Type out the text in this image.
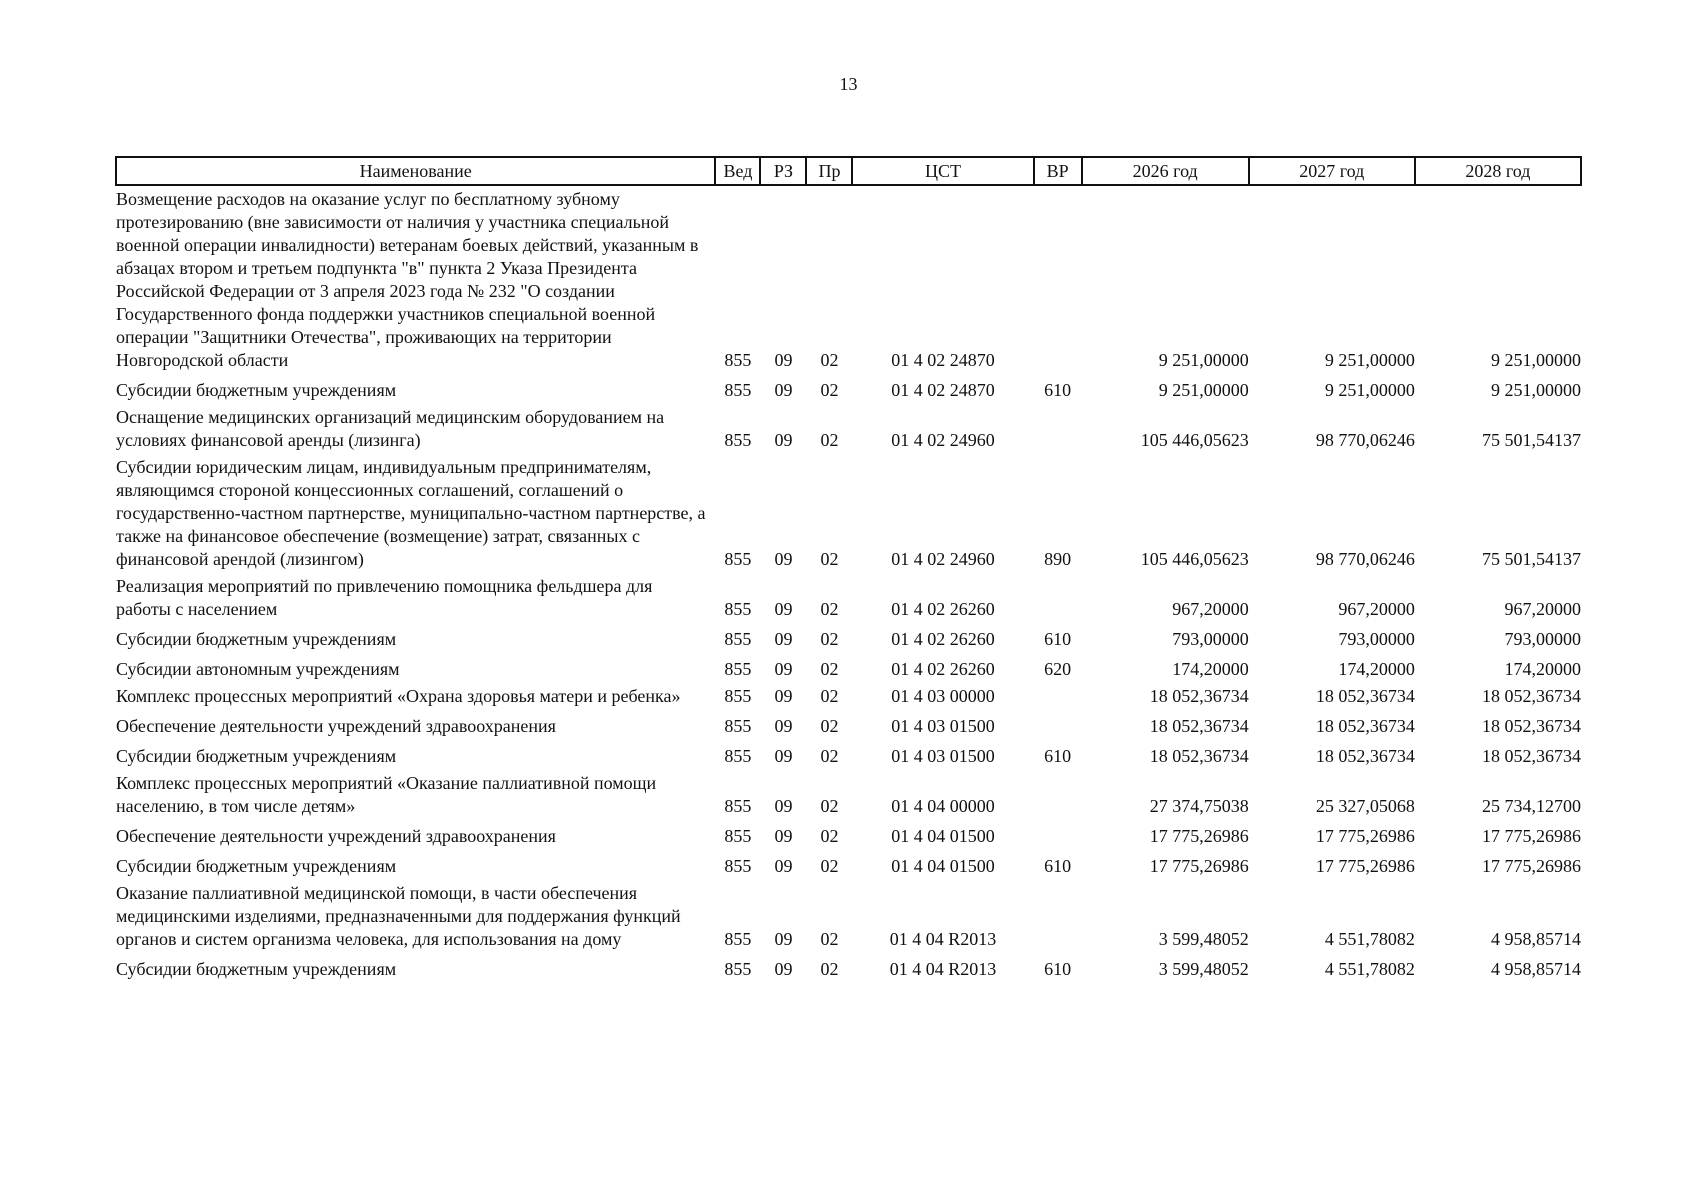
13
Наименование	Вед	РЗ	Пр	ЦСТ	ВР	2026 год	2027 год	2028 год
Возмещение расходов на оказание услуг по бесплатному зубному протезированию (вне зависимости от наличия у участника специальной военной операции инвалидности) ветеранам боевых действий, указанным в абзацах втором и третьем подпункта "в" пункта 2 Указа Президента Российской Федерации от 3 апреля 2023 года № 232 "О создании Государственного фонда поддержки участников специальной военной операции "Защитники Отечества", проживающих на территории Новгородской области	855	09	02	01 4 02 24870		9 251,00000	9 251,00000	9 251,00000
Субсидии бюджетным учреждениям	855	09	02	01 4 02 24870	610	9 251,00000	9 251,00000	9 251,00000
Оснащение медицинских организаций медицинским оборудованием на условиях финансовой аренды (лизинга)	855	09	02	01 4 02 24960		105 446,05623	98 770,06246	75 501,54137
Субсидии юридическим лицам, индивидуальным предпринимателям, являющимся стороной концессионных соглашений, соглашений о государственно-частном партнерстве, муниципально-частном партнерстве, а также на финансовое обеспечение (возмещение) затрат, связанных с финансовой арендой (лизингом)	855	09	02	01 4 02 24960	890	105 446,05623	98 770,06246	75 501,54137
Реализация мероприятий по привлечению помощника фельдшера для работы с населением	855	09	02	01 4 02 26260		967,20000	967,20000	967,20000
Субсидии бюджетным учреждениям	855	09	02	01 4 02 26260	610	793,00000	793,00000	793,00000
Субсидии автономным учреждениям	855	09	02	01 4 02 26260	620	174,20000	174,20000	174,20000
Комплекс процессных мероприятий «Охрана здоровья матери и ребенка»	855	09	02	01 4 03 00000		18 052,36734	18 052,36734	18 052,36734
Обеспечение деятельности учреждений здравоохранения	855	09	02	01 4 03 01500		18 052,36734	18 052,36734	18 052,36734
Субсидии бюджетным учреждениям	855	09	02	01 4 03 01500	610	18 052,36734	18 052,36734	18 052,36734
Комплекс процессных мероприятий «Оказание паллиативной помощи населению, в том числе детям»	855	09	02	01 4 04 00000		27 374,75038	25 327,05068	25 734,12700
Обеспечение деятельности учреждений здравоохранения	855	09	02	01 4 04 01500		17 775,26986	17 775,26986	17 775,26986
Субсидии бюджетным учреждениям	855	09	02	01 4 04 01500	610	17 775,26986	17 775,26986	17 775,26986
Оказание паллиативной медицинской помощи, в части обеспечения медицинскими изделиями, предназначенными для поддержания функций органов и систем организма человека, для использования на дому	855	09	02	01 4 04 R2013		3 599,48052	4 551,78082	4 958,85714
Субсидии бюджетным учреждениям	855	09	02	01 4 04 R2013	610	3 599,48052	4 551,78082	4 958,85714
